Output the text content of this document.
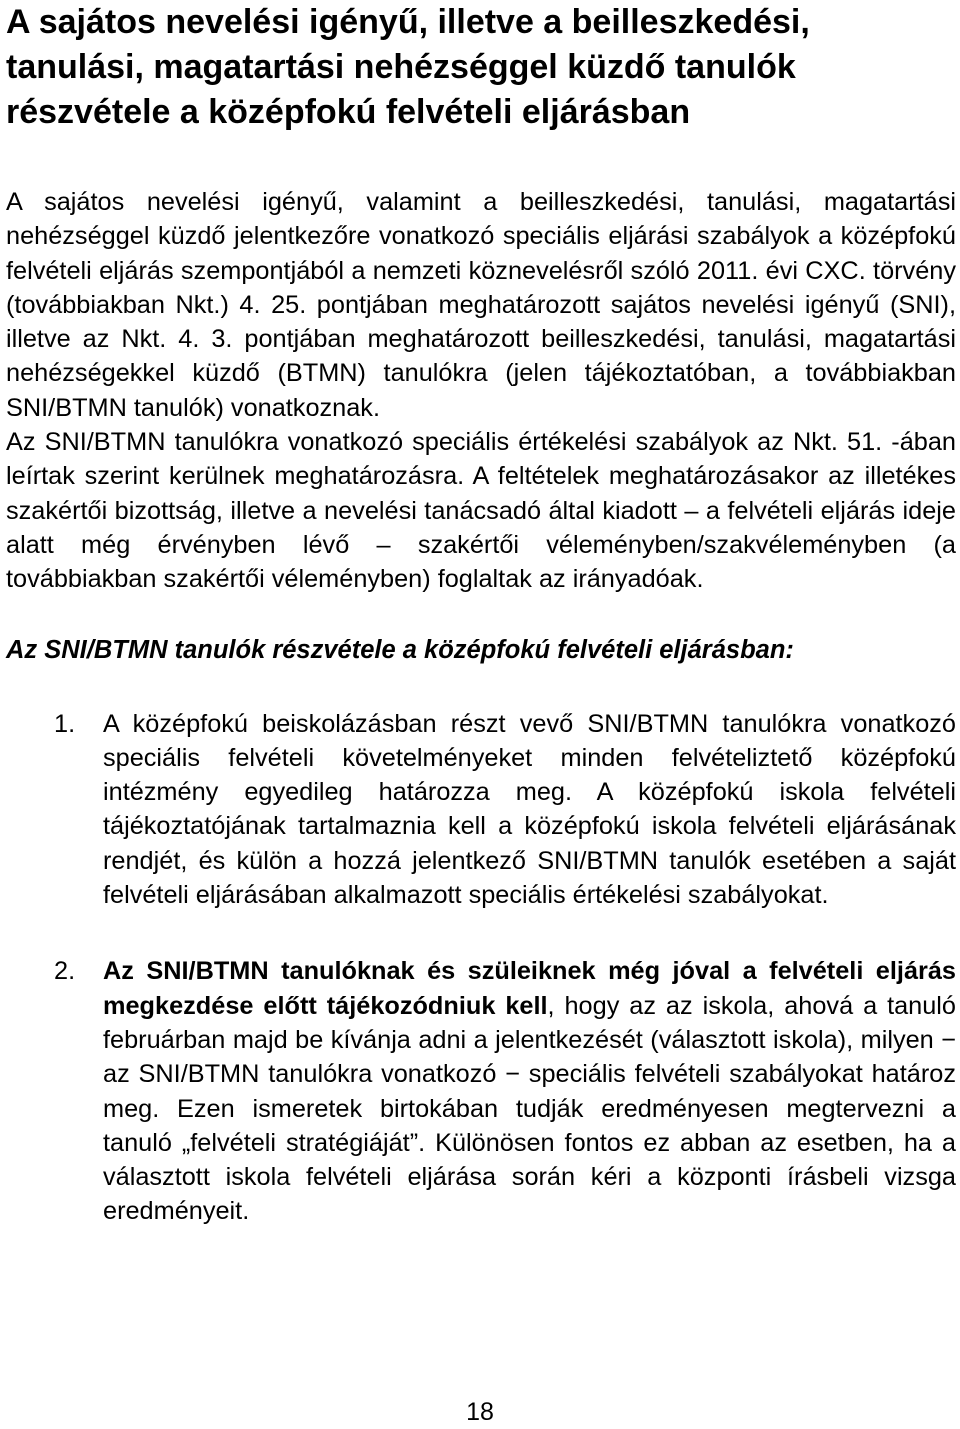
A sajátos nevelési igényű, illetve a beilleszkedési, tanulási, magatartási nehézséggel küzdő tanulók részvétele a középfokú felvételi eljárásban

A sajátos nevelési igényű, valamint a beilleszkedési, tanulási, magatartási nehézséggel küzdő jelentkezőre vonatkozó speciális eljárási szabályok a középfokú felvételi eljárás szempontjából a nemzeti köznevelésről szóló 2011. évi CXC. törvény (továbbiakban Nkt.) 4. 25. pontjában meghatározott sajátos nevelési igényű (SNI), illetve az Nkt. 4. 3. pontjában meghatározott beilleszkedési, tanulási, magatartási nehézségekkel küzdő (BTMN) tanulókra (jelen tájékoztatóban, a továbbiakban SNI/BTMN tanulók) vonatkoznak.

Az SNI/BTMN tanulókra vonatkozó speciális értékelési szabályok az Nkt. 51. -ában leírtak szerint kerülnek meghatározásra. A feltételek meghatározásakor az illetékes szakértői bizottság, illetve a nevelési tanácsadó által kiadott – a felvételi eljárás ideje alatt még érvényben lévő – szakértői véleményben/szakvéleményben (a továbbiakban szakértői véleményben) foglaltak az irányadóak.

Az SNI/BTMN tanulók részvétele a középfokú felvételi eljárásban:
1. A középfokú beiskolázásban részt vevő SNI/BTMN tanulókra vonatkozó speciális felvételi követelményeket minden felvételiztető középfokú intézmény egyedileg határozza meg. A középfokú iskola felvételi tájékoztatójának tartalmaznia kell a középfokú iskola felvételi eljárásának rendjét, és külön a hozzá jelentkező SNI/BTMN tanulók esetében a saját felvételi eljárásában alkalmazott speciális értékelési szabályokat.
2. Az SNI/BTMN tanulóknak és szüleiknek még jóval a felvételi eljárás megkezdése előtt tájékozódniuk kell, hogy az az iskola, ahová a tanuló februárban majd be kívánja adni a jelentkezését (választott iskola), milyen − az SNI/BTMN tanulókra vonatkozó − speciális felvételi szabályokat határoz meg. Ezen ismeretek birtokában tudják eredményesen megtervezni a tanuló „felvételi stratégiáját”. Különösen fontos ez abban az esetben, ha a választott iskola felvételi eljárása során kéri a központi írásbeli vizsga eredményeit.
18
